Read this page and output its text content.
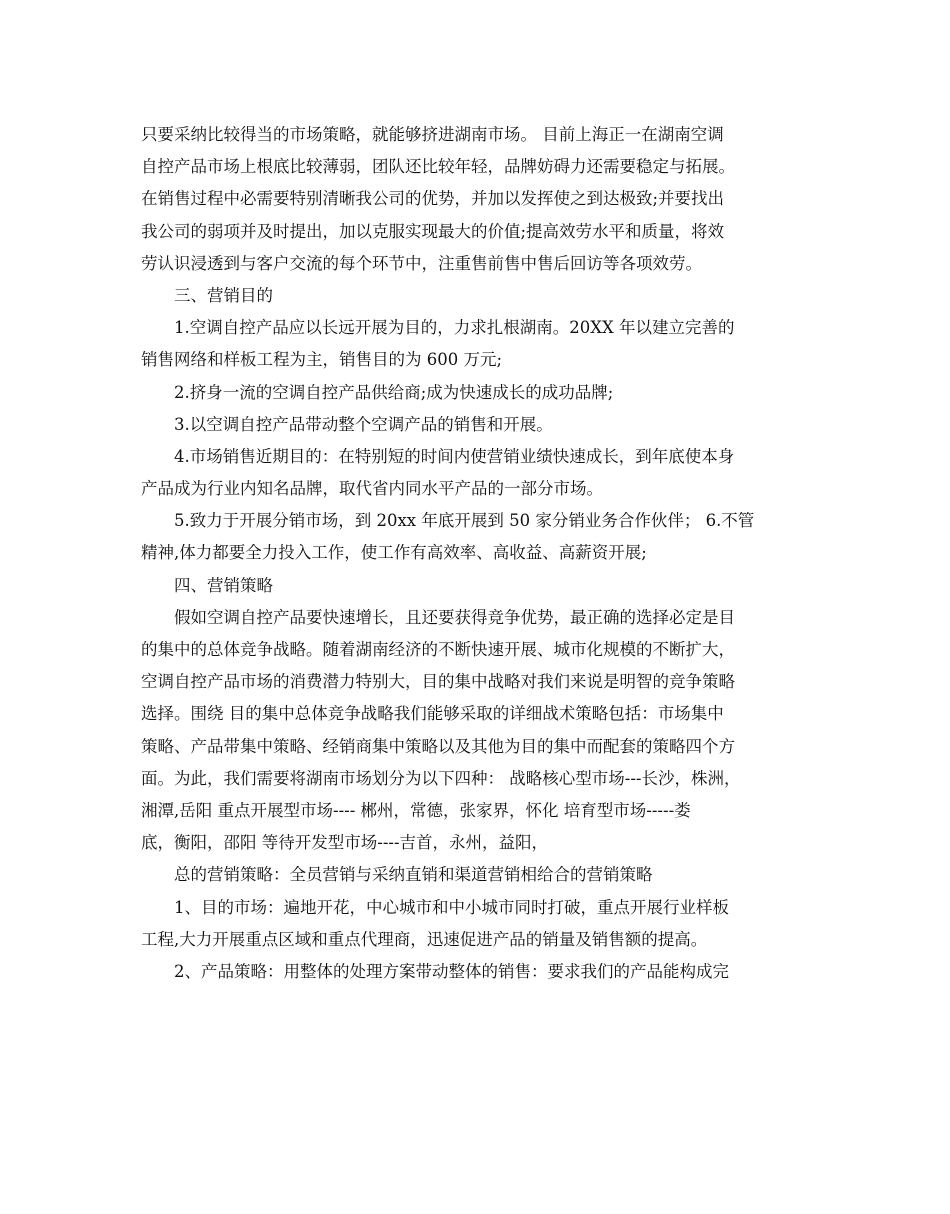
只要采纳比较得当的市场策略，就能够挤进湖南市场。 目前上海正一在湖南空调
自控产品市场上根底比较薄弱，团队还比较年轻，品牌妨碍力还需要稳定与拓展。
在销售过程中必需要特别清晰我公司的优势，并加以发挥使之到达极致;并要找出
我公司的弱项并及时提出，加以克服实现最大的价值;提高效劳水平和质量，将效
劳认识浸透到与客户交流的每个环节中，注重售前售中售后回访等各项效劳。
三、营销目的
1.空调自控产品应以长远开展为目的，力求扎根湖南。20XX 年以建立完善的
销售网络和样板工程为主，销售目的为 600 万元;
2.挤身一流的空调自控产品供给商;成为快速成长的成功品牌;
3.以空调自控产品带动整个空调产品的销售和开展。
4.市场销售近期目的：在特别短的时间内使营销业绩快速成长，到年底使本身
产品成为行业内知名品牌，取代省内同水平产品的一部分市场。
5.致力于开展分销市场，到 20xx 年底开展到 50 家分销业务合作伙伴； 6.不管
精神,体力都要全力投入工作，使工作有高效率、高收益、高薪资开展;
四、营销策略
假如空调自控产品要快速增长，且还要获得竞争优势，最正确的选择必定是目
的集中的总体竞争战略。随着湖南经济的不断快速开展、城市化规模的不断扩大，
空调自控产品市场的消费潜力特别大，目的集中战略对我们来说是明智的竞争策略
选择。围绕 目的集中总体竞争战略我们能够采取的详细战术策略包括：市场集中
策略、产品带集中策略、经销商集中策略以及其他为目的集中而配套的策略四个方
面。为此，我们需要将湖南市场划分为以下四种： 战略核心型市场---长沙，株洲，
湘潭,岳阳 重点开展型市场---- 郴州，常德，张家界，怀化 培育型市场-----娄
底，衡阳，邵阳 等待开发型市场----吉首，永州，益阳，
总的营销策略：全员营销与采纳直销和渠道营销相给合的营销策略
1、目的市场：遍地开花，中心城市和中小城市同时打破，重点开展行业样板
工程,大力开展重点区域和重点代理商，迅速促进产品的销量及销售额的提高。
2、产品策略：用整体的处理方案带动整体的销售：要求我们的产品能构成完
